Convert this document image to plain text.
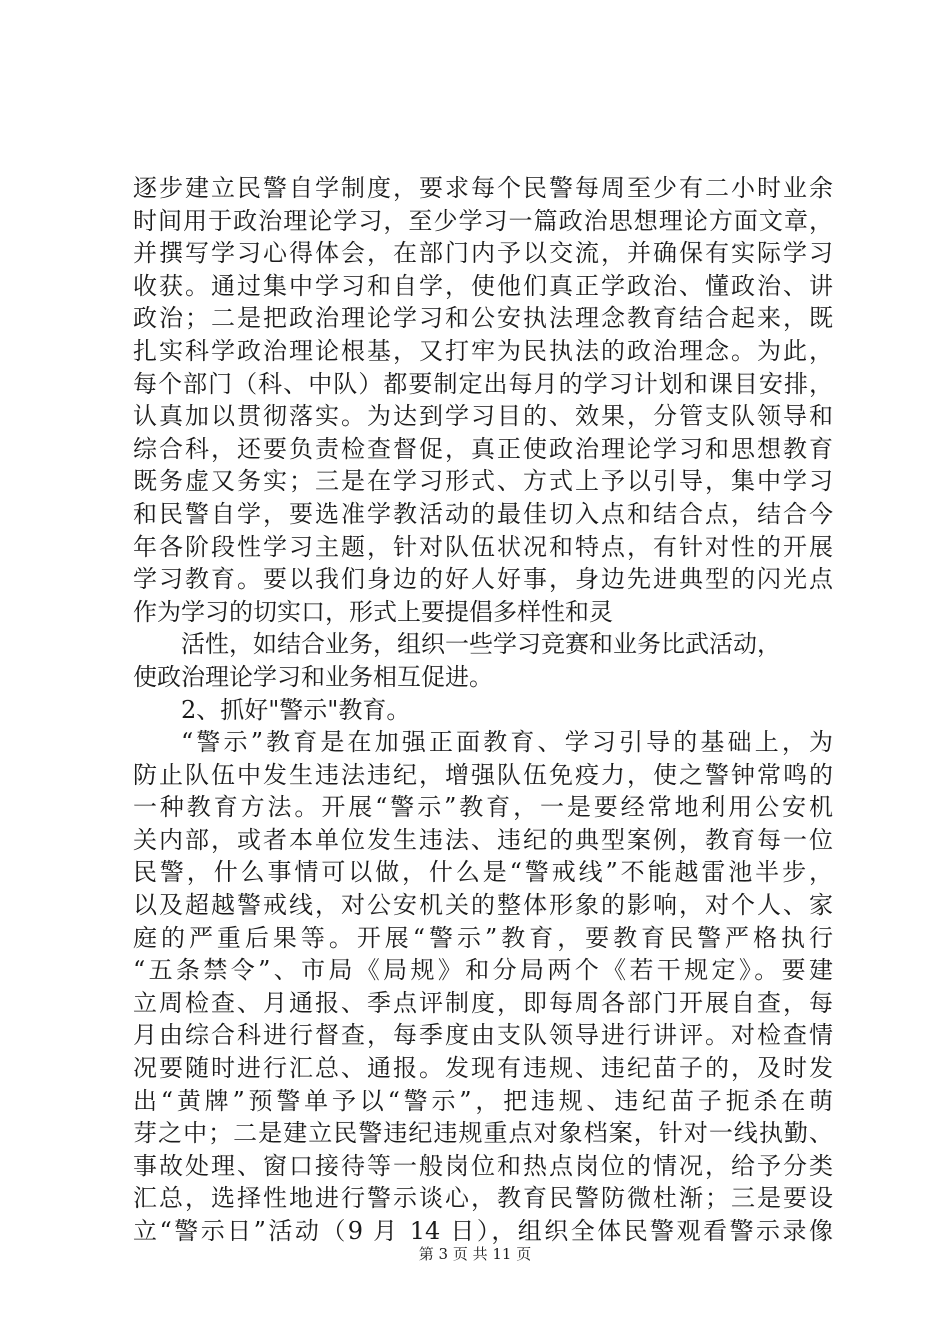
逐步建立民警自学制度，要求每个民警每周至少有二小时业余
时间用于政治理论学习，至少学习一篇政治思想理论方面文章，
并撰写学习心得体会，在部门内予以交流，并确保有实际学习
收获。通过集中学习和自学，使他们真正学政治、懂政治、讲
政治；二是把政治理论学习和公安执法理念教育结合起来，既
扎实科学政治理论根基，又打牢为民执法的政治理念。为此，
每个部门（科、中队）都要制定出每月的学习计划和课目安排，
认真加以贯彻落实。为达到学习目的、效果，分管支队领导和
综合科，还要负责检查督促，真正使政治理论学习和思想教育
既务虚又务实；三是在学习形式、方式上予以引导，集中学习
和民警自学，要选准学教活动的最佳切入点和结合点，结合今
年各阶段性学习主题，针对队伍状况和特点，有针对性的开展
学习教育。要以我们身边的好人好事，身边先进典型的闪光点
作为学习的切实口，形式上要提倡多样性和灵
活性，如结合业务，组织一些学习竞赛和业务比武活动，
使政治理论学习和业务相互促进。
2、抓好"警示"教育。
“警示”教育是在加强正面教育、学习引导的基础上，为
防止队伍中发生违法违纪，增强队伍免疫力，使之警钟常鸣的
一种教育方法。开展“警示”教育，一是要经常地利用公安机
关内部，或者本单位发生违法、违纪的典型案例，教育每一位
民警，什么事情可以做，什么是“警戒线”不能越雷池半步，
以及超越警戒线，对公安机关的整体形象的影响，对个人、家
庭的严重后果等。开展“警示”教育，要教育民警严格执行
“五条禁令”、市局《局规》和分局两个《若干规定》。要建
立周检查、月通报、季点评制度，即每周各部门开展自查，每
月由综合科进行督查，每季度由支队领导进行讲评。对检查情
况要随时进行汇总、通报。发现有违规、违纪苗子的，及时发
出“黄牌”预警单予以“警示”，把违规、违纪苗子扼杀在萌
芽之中；二是建立民警违纪违规重点对象档案，针对一线执勤、
事故处理、窗口接待等一般岗位和热点岗位的情况，给予分类
汇总，选择性地进行警示谈心，教育民警防微杜渐；三是要设
立“警示日”活动（9 月 14 日），组织全体民警观看警示录像
第 3 页 共 11 页
